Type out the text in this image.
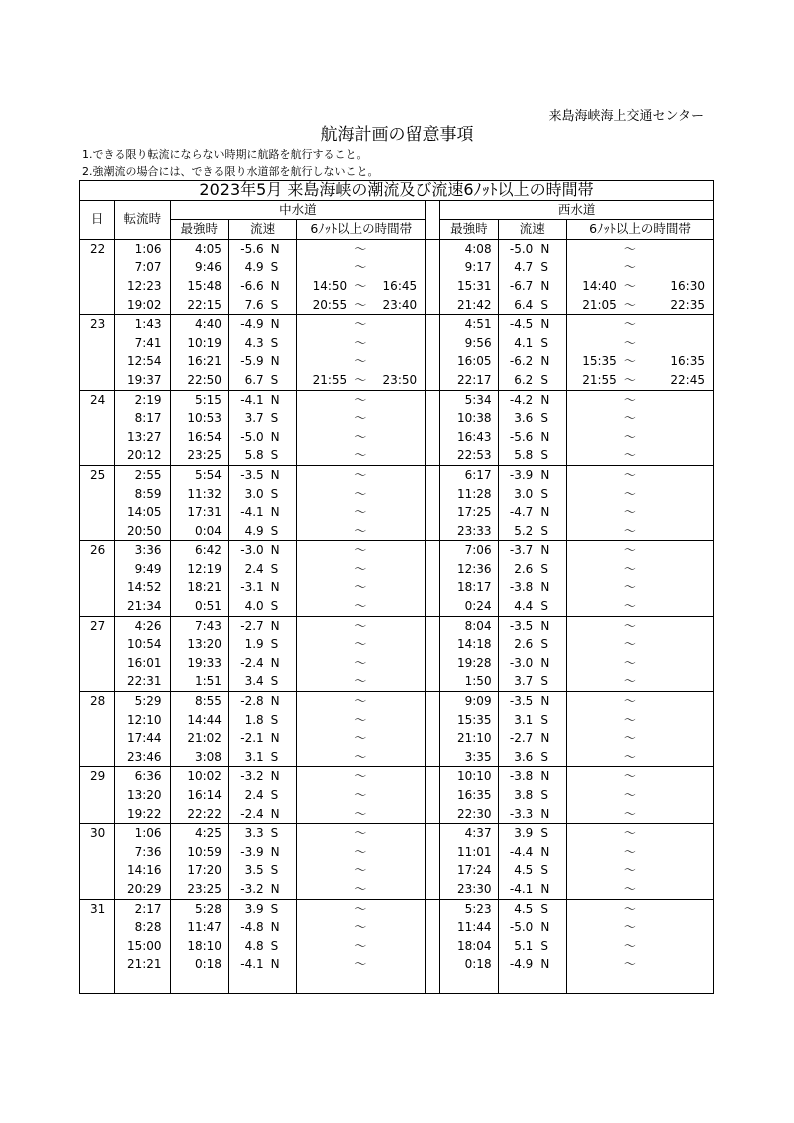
来島海峡海上交通センター
航海計画の留意事項
1.できる限り転流にならない時期に航路を航行すること。
2.強潮流の場合には、できる限り水道部を航行しないこと。
2023年5月 来島海峡の潮流及び流速6ﾉｯﾄ以上の時間帯														
日	転流時	中水道							西水道					
		最強時	流速		6ﾉｯﾄ以上の時間帯				最強時	流速		6ﾉｯﾄ以上の時間帯		
22	1:06	4:05	-5.6	N		〜			4:08	-5.0	N		〜	
	7:07	9:46	4.9	S		〜			9:17	4.7	S		〜	
	12:23	15:48	-6.6	N	14:50	〜	16:45		15:31	-6.7	N	14:40	〜	16:30
	19:02	22:15	7.6	S	20:55	〜	23:40		21:42	6.4	S	21:05	〜	22:35
23	1:43	4:40	-4.9	N		〜			4:51	-4.5	N		〜	
	7:41	10:19	4.3	S		〜			9:56	4.1	S		〜	
	12:54	16:21	-5.9	N		〜			16:05	-6.2	N	15:35	〜	16:35
	19:37	22:50	6.7	S	21:55	〜	23:50		22:17	6.2	S	21:55	〜	22:45
24	2:19	5:15	-4.1	N		〜			5:34	-4.2	N		〜	
	8:17	10:53	3.7	S		〜			10:38	3.6	S		〜	
	13:27	16:54	-5.0	N		〜			16:43	-5.6	N		〜	
	20:12	23:25	5.8	S		〜			22:53	5.8	S		〜	
25	2:55	5:54	-3.5	N		〜			6:17	-3.9	N		〜	
	8:59	11:32	3.0	S		〜			11:28	3.0	S		〜	
	14:05	17:31	-4.1	N		〜			17:25	-4.7	N		〜	
	20:50	0:04	4.9	S		〜			23:33	5.2	S		〜	
26	3:36	6:42	-3.0	N		〜			7:06	-3.7	N		〜	
	9:49	12:19	2.4	S		〜			12:36	2.6	S		〜	
	14:52	18:21	-3.1	N		〜			18:17	-3.8	N		〜	
	21:34	0:51	4.0	S		〜			0:24	4.4	S		〜	
27	4:26	7:43	-2.7	N		〜			8:04	-3.5	N		〜	
	10:54	13:20	1.9	S		〜			14:18	2.6	S		〜	
	16:01	19:33	-2.4	N		〜			19:28	-3.0	N		〜	
	22:31	1:51	3.4	S		〜			1:50	3.7	S		〜	
28	5:29	8:55	-2.8	N		〜			9:09	-3.5	N		〜	
	12:10	14:44	1.8	S		〜			15:35	3.1	S		〜	
	17:44	21:02	-2.1	N		〜			21:10	-2.7	N		〜	
	23:46	3:08	3.1	S		〜			3:35	3.6	S		〜	
29	6:36	10:02	-3.2	N		〜			10:10	-3.8	N		〜	
	13:20	16:14	2.4	S		〜			16:35	3.8	S		〜	
	19:22	22:22	-2.4	N		〜			22:30	-3.3	N		〜	
30	1:06	4:25	3.3	S		〜			4:37	3.9	S		〜	
	7:36	10:59	-3.9	N		〜			11:01	-4.4	N		〜	
	14:16	17:20	3.5	S		〜			17:24	4.5	S		〜	
	20:29	23:25	-3.2	N		〜			23:30	-4.1	N		〜	
31	2:17	5:28	3.9	S		〜			5:23	4.5	S		〜	
	8:28	11:47	-4.8	N		〜			11:44	-5.0	N		〜	
	15:00	18:10	4.8	S		〜			18:04	5.1	S		〜	
	21:21	0:18	-4.1	N		〜			0:18	-4.9	N		〜	
